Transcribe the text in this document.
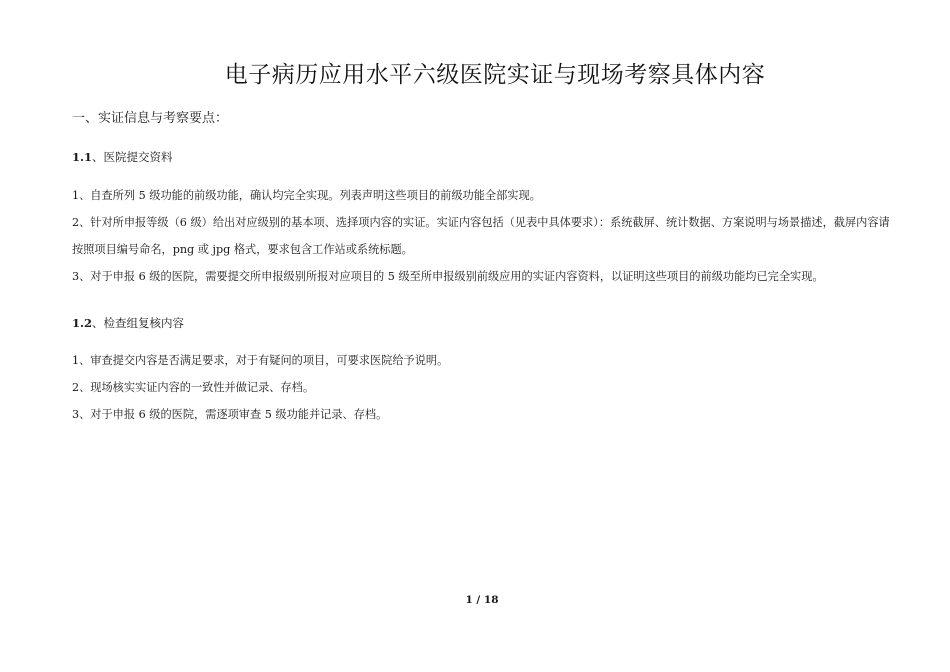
电子病历应用水平六级医院实证与现场考察具体内容
一、实证信息与考察要点：
1.1、医院提交资料

1、自查所列 5 级功能的前级功能，确认均完全实现。列表声明这些项目的前级功能全部实现。

2、针对所申报等级（6 级）给出对应级别的基本项、选择项内容的实证。实证内容包括（见表中具体要求）：系统截屏、统计数据、方案说明与场景描述，截屏内容请按照项目编号命名，png 或 jpg 格式，要求包含工作站或系统标题。

3、对于申报 6 级的医院，需要提交所申报级别所报对应项目的 5 级至所申报级别前级应用的实证内容资料，以证明这些项目的前级功能均已完全实现。

1.2、检查组复核内容

1、审查提交内容是否满足要求，对于有疑问的项目，可要求医院给予说明。

2、现场核实实证内容的一致性并做记录、存档。

3、对于申报 6 级的医院，需逐项审查 5 级功能并记录、存档。

1 / 18
